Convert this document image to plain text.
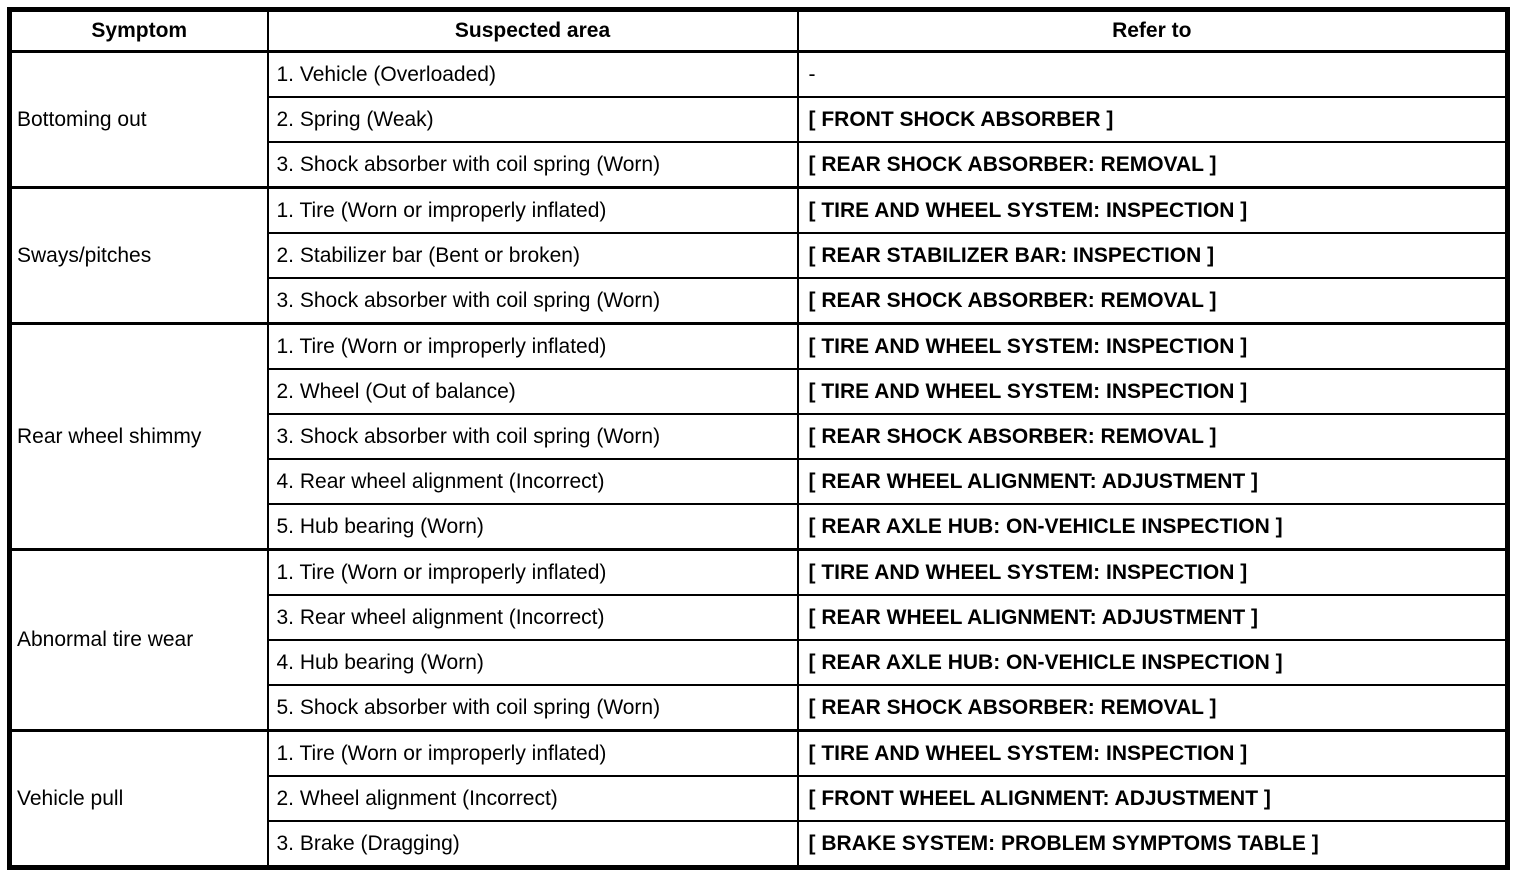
Symptom	Suspected area	Refer to
Bottoming out	1. Vehicle (Overloaded)	-
	2. Spring (Weak)	[ FRONT SHOCK ABSORBER ]
	3. Shock absorber with coil spring (Worn)	[ REAR SHOCK ABSORBER: REMOVAL ]
Sways/pitches	1. Tire (Worn or improperly inflated)	[ TIRE AND WHEEL SYSTEM: INSPECTION ]
	2. Stabilizer bar (Bent or broken)	[ REAR STABILIZER BAR: INSPECTION ]
	3. Shock absorber with coil spring (Worn)	[ REAR SHOCK ABSORBER: REMOVAL ]
Rear wheel shimmy	1. Tire (Worn or improperly inflated)	[ TIRE AND WHEEL SYSTEM: INSPECTION ]
	2. Wheel (Out of balance)	[ TIRE AND WHEEL SYSTEM: INSPECTION ]
	3. Shock absorber with coil spring (Worn)	[ REAR SHOCK ABSORBER: REMOVAL ]
	4. Rear wheel alignment (Incorrect)	[ REAR WHEEL ALIGNMENT: ADJUSTMENT ]
	5. Hub bearing (Worn)	[ REAR AXLE HUB: ON-VEHICLE INSPECTION ]
Abnormal tire wear	1. Tire (Worn or improperly inflated)	[ TIRE AND WHEEL SYSTEM: INSPECTION ]
	3. Rear wheel alignment (Incorrect)	[ REAR WHEEL ALIGNMENT: ADJUSTMENT ]
	4. Hub bearing (Worn)	[ REAR AXLE HUB: ON-VEHICLE INSPECTION ]
	5. Shock absorber with coil spring (Worn)	[ REAR SHOCK ABSORBER: REMOVAL ]
Vehicle pull	1. Tire (Worn or improperly inflated)	[ TIRE AND WHEEL SYSTEM: INSPECTION ]
	2. Wheel alignment (Incorrect)	[ FRONT WHEEL ALIGNMENT: ADJUSTMENT ]
	3. Brake (Dragging)	[ BRAKE SYSTEM: PROBLEM SYMPTOMS TABLE ]
